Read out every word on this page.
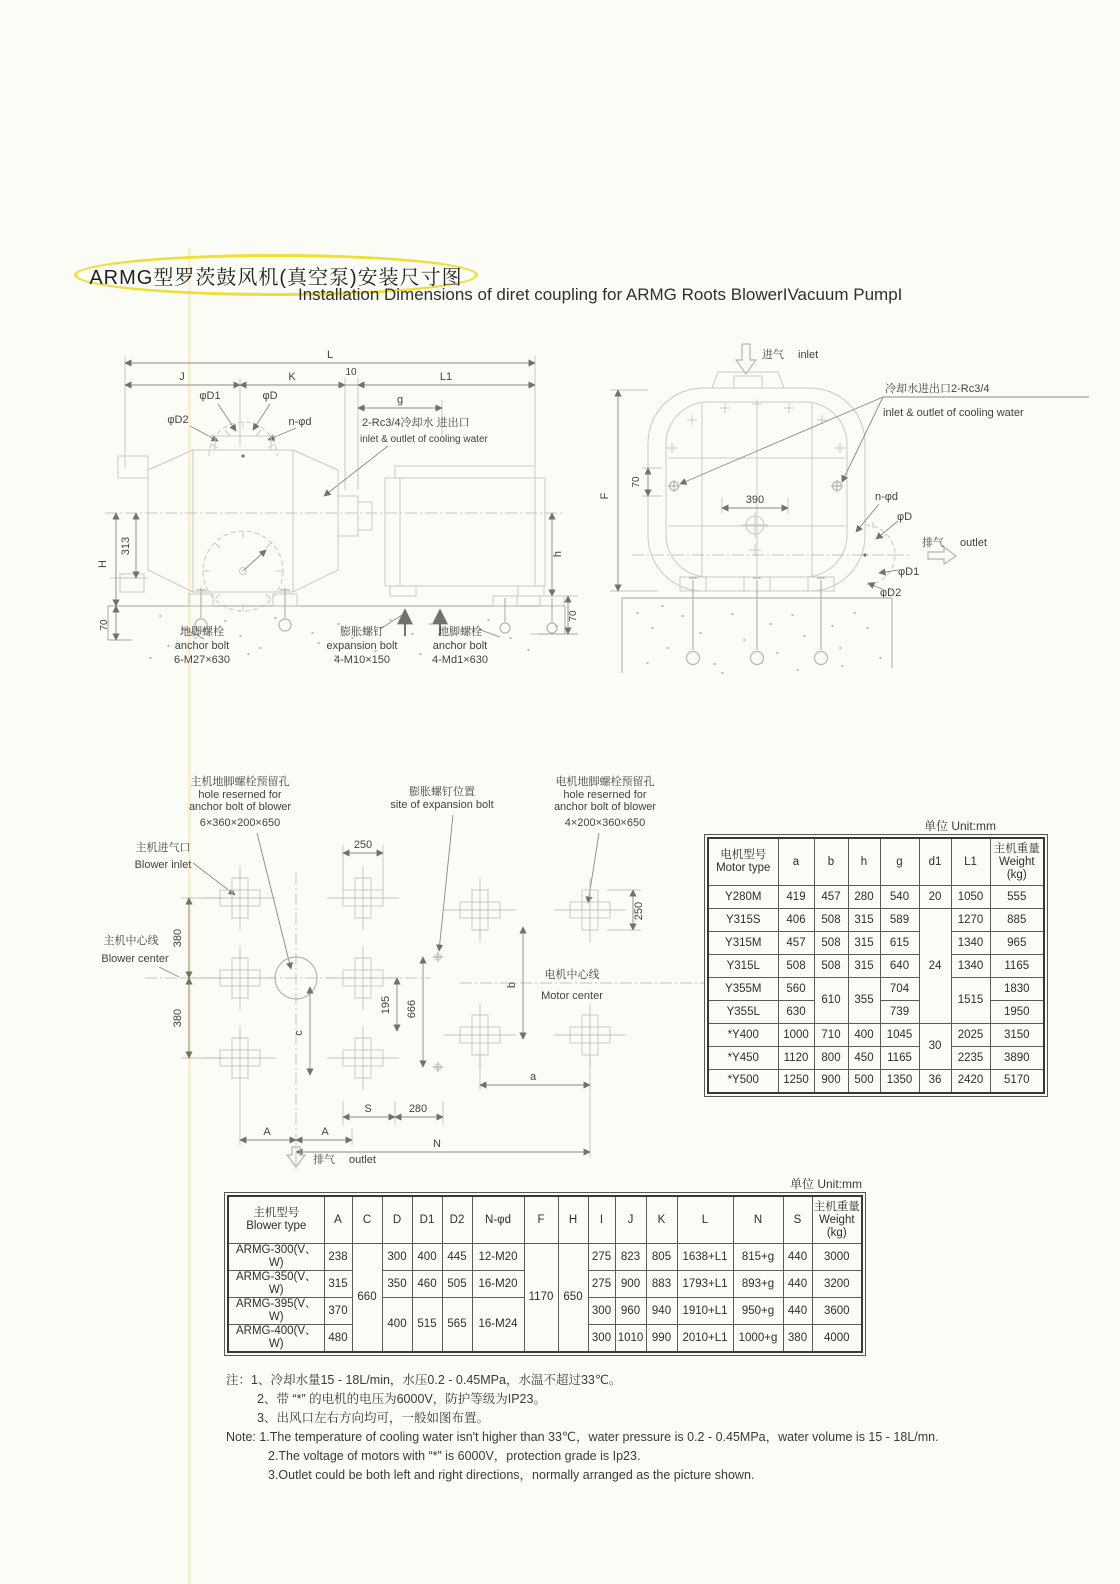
ARMG型罗茨鼓风机(真空泵)安装尺寸图
Installation Dimensions of diret coupling for ARMG Roots BlowerIVacuum PumpI
L
J	K	10	L1
g
φD1	φD
φD2	n-φd	2-Rc3/4冷却水 进出口
inlet & outlet of cooling water
H
313
70
h
70
地脚螺栓
anchor bolt
6-M27×630
膨胀螺钉
expansion bolt
4-M10×150
地脚螺栓
anchor bolt
4-Md1×630
进气 inlet
冷却水进出口2-Rc3/4
inlet & outlet of cooling water
F
70
390	n-φd
φD
φD1
φD2
排气 outlet
主机地脚螺栓预留孔
hole reserned for
anchor bolt of blower
6×360×200×650
膨胀螺钉位置
site of expansion bolt
电机地脚螺栓预留孔
hole reserned for
anchor bolt of blower
4×200×360×650
主机进气口
Blower inlet
主机中心线
Blower center
电机中心线
Motor center
250
380
380
c
195 666
b
250
S	280
A	A
a
N
排气 outlet
单位 Unit:mm
电机型号
Motor type	a	b	h	g	d1	L1	主机重量
Weight
(kg)
Y280M	419	457	280	540	20	1050	555
Y315S	406	508	315	589	24	1270	885
Y315M	457	508	315	615		1340	965
Y315L	508	508	315	640		1340	1165
Y355M	560	610	355	704		1515	1830
Y355L	630			739			1950
*Y400	1000	710	400	1045	30	2025	3150
*Y450	1120	800	450	1165		2235	3890
*Y500	1250	900	500	1350	36	2420	5170
单位 Unit:mm
主机型号
Blower type	A	C	D	D1	D2	N-φd	F	H	I	J	K	L	N	S	主机重量
Weight
(kg)
ARMG-300(V、W)	238	660	300	400	445	12-M20	1170	650	275	823	805	1638+L1	815+g	440	3000
ARMG-350(V、W)	315		350	460	505	16-M20			275	900	883	1793+L1	893+g	440	3200
ARMG-395(V、W)	370		400	515	565	16-M24			300	960	940	1910+L1	950+g	440	3600
ARMG-400(V、W)	480								300	1010	990	2010+L1	1000+g	380	4000
注：1、冷却水量15 - 18L/min，水压0.2 - 0.45MPa，水温不超过33℃。
2、带 “*” 的电机的电压为6000V，防护等级为IP23。
3、出风口左右方向均可，一般如图布置。
Note: 1.The temperature of cooling water isn't higher than 33℃，water pressure is 0.2 - 0.45MPa，water volume is 15 - 18L/mn.
2.The voltage of motors with “*” is 6000V，protection grade is Ip23.
3.Outlet could be both left and right directions，normally arranged as the picture shown.
